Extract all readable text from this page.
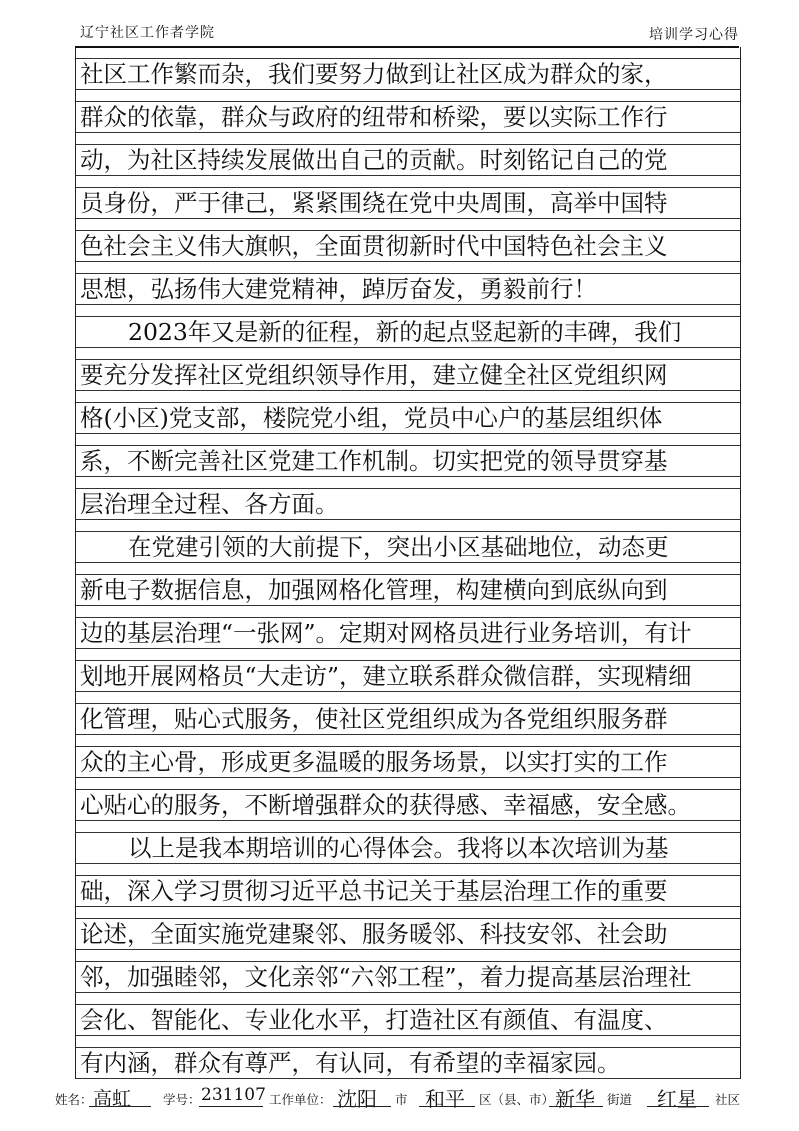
辽宁社区工作者学院	培训学习心得
社区工作繁而杂，我们要努力做到让社区成为群众的家，
群众的依靠，群众与政府的纽带和桥梁，要以实际工作行
动，为社区持续发展做出自己的贡献。时刻铭记自己的党
员身份，严于律己，紧紧围绕在党中央周围，高举中国特
色社会主义伟大旗帜，全面贯彻新时代中国特色社会主义
思想，弘扬伟大建党精神，踔厉奋发，勇毅前行！
2023年又是新的征程，新的起点竖起新的丰碑，我们
要充分发挥社区党组织领导作用，建立健全社区党组织网
格(小区)党支部，楼院党小组，党员中心户的基层组织体
系，不断完善社区党建工作机制。切实把党的领导贯穿基
层治理全过程、各方面。
在党建引领的大前提下，突出小区基础地位，动态更
新电子数据信息，加强网格化管理，构建横向到底纵向到
边的基层治理“一张网”。定期对网格员进行业务培训，有计
划地开展网格员“大走访”，建立联系群众微信群，实现精细
化管理，贴心式服务，使社区党组织成为各党组织服务群
众的主心骨，形成更多温暖的服务场景，以实打实的工作
心贴心的服务，不断增强群众的获得感、幸福感，安全感。
以上是我本期培训的心得体会。我将以本次培训为基
础，深入学习贯彻习近平总书记关于基层治理工作的重要
论述，全面实施党建聚邻、服务暖邻、科技安邻、社会助
邻，加强睦邻，文化亲邻“六邻工程”，着力提高基层治理社
会化、智能化、专业化水平，打造社区有颜值、有温度、
有内涵，群众有尊严，有认同，有希望的幸福家园。
姓名： 高虹	学号： 231107 工作单位： 沈阳 市 和平 区（县、市） 新华 街道 红星 社区
